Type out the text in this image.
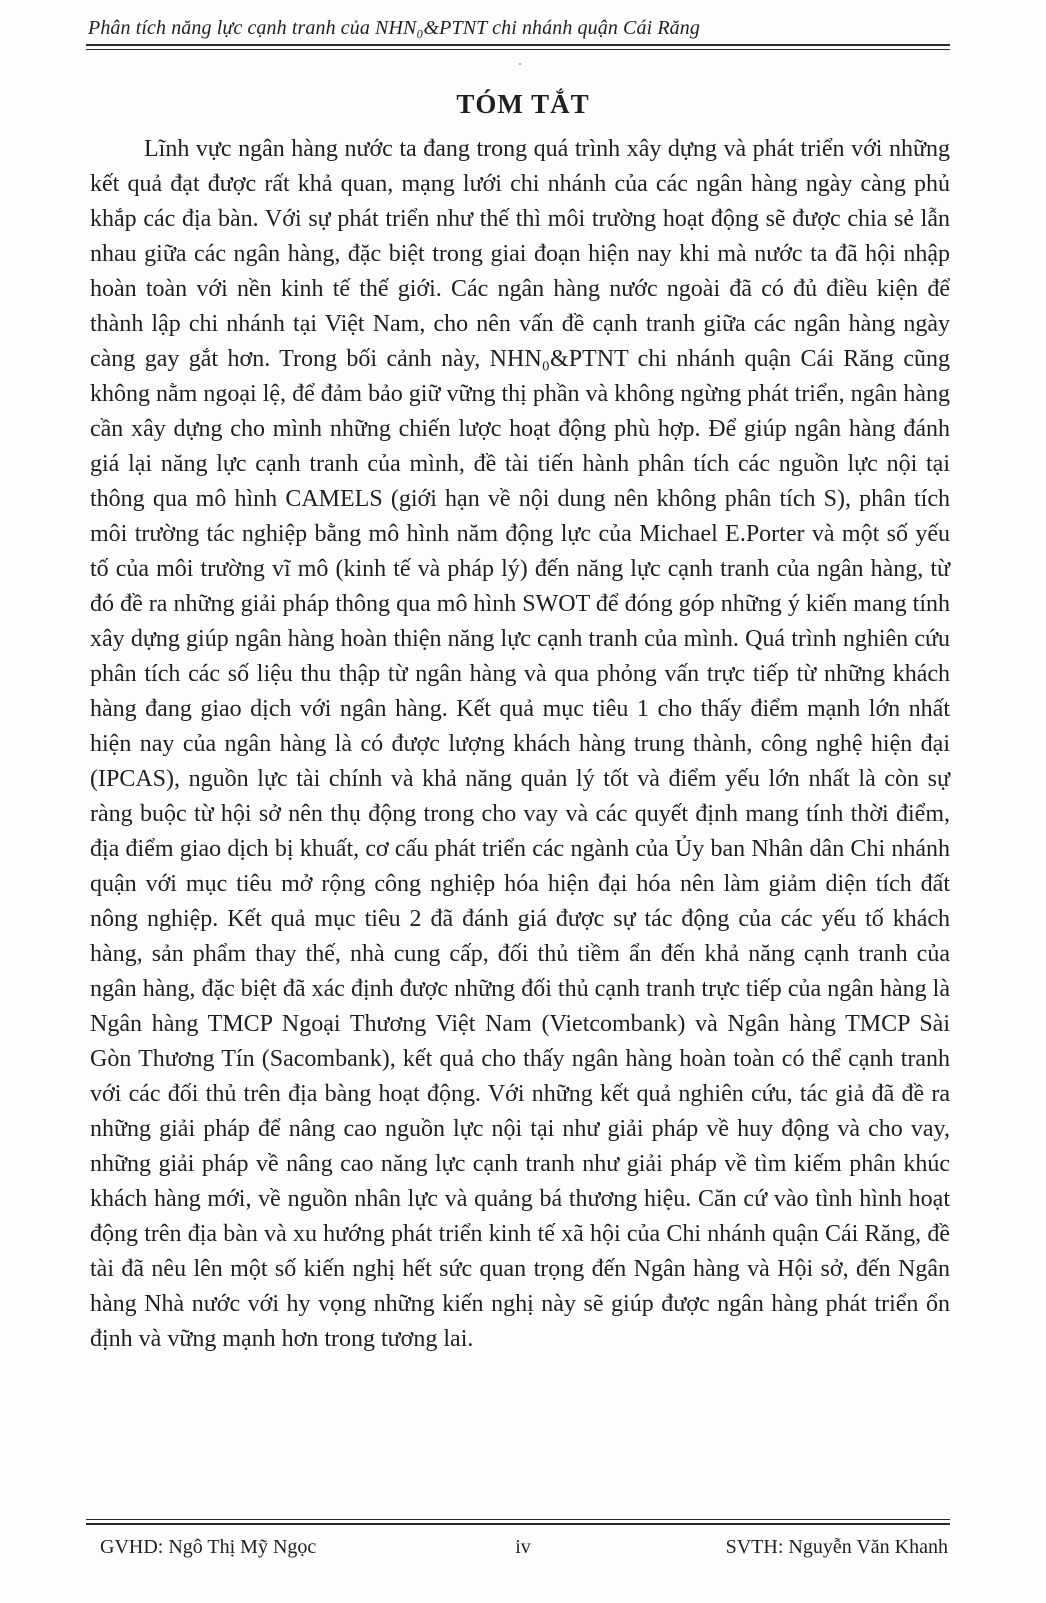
Phân tích năng lực cạnh tranh của NHN₀&PTNT chi nhánh quận Cái Răng
TÓM TẮT

Lĩnh vực ngân hàng nước ta đang trong quá trình xây dựng và phát triển với những kết quả đạt được rất khả quan, mạng lưới chi nhánh của các ngân hàng ngày càng phủ khắp các địa bàn. Với sự phát triển như thế thì môi trường hoạt động sẽ được chia sẻ lẫn nhau giữa các ngân hàng, đặc biệt trong giai đoạn hiện nay khi mà nước ta đã hội nhập hoàn toàn với nền kinh tế thế giới. Các ngân hàng nước ngoài đã có đủ điều kiện để thành lập chi nhánh tại Việt Nam, cho nên vấn đề cạnh tranh giữa các ngân hàng ngày càng gay gắt hơn. Trong bối cảnh này, NHN₀&PTNT chi nhánh quận Cái Răng cũng không nằm ngoại lệ, để đảm bảo giữ vững thị phần và không ngừng phát triển, ngân hàng cần xây dựng cho mình những chiến lược hoạt động phù hợp. Để giúp ngân hàng đánh giá lại năng lực cạnh tranh của mình, đề tài tiến hành phân tích các nguồn lực nội tại thông qua mô hình CAMELS (giới hạn về nội dung nên không phân tích S), phân tích môi trường tác nghiệp bằng mô hình năm động lực của Michael E.Porter và một số yếu tố của môi trường vĩ mô (kinh tế và pháp lý) đến năng lực cạnh tranh của ngân hàng, từ đó đề ra những giải pháp thông qua mô hình SWOT để đóng góp những ý kiến mang tính xây dựng giúp ngân hàng hoàn thiện năng lực cạnh tranh của mình. Quá trình nghiên cứu phân tích các số liệu thu thập từ ngân hàng và qua phỏng vấn trực tiếp từ những khách hàng đang giao dịch với ngân hàng. Kết quả mục tiêu 1 cho thấy điểm mạnh lớn nhất hiện nay của ngân hàng là có được lượng khách hàng trung thành, công nghệ hiện đại (IPCAS), nguồn lực tài chính và khả năng quản lý tốt và điểm yếu lớn nhất là còn sự ràng buộc từ hội sở nên thụ động trong cho vay và các quyết định mang tính thời điểm, địa điểm giao dịch bị khuất, cơ cấu phát triển các ngành của Ủy ban Nhân dân Chi nhánh quận với mục tiêu mở rộng công nghiệp hóa hiện đại hóa nên làm giảm diện tích đất nông nghiệp. Kết quả mục tiêu 2 đã đánh giá được sự tác động của các yếu tố khách hàng, sản phẩm thay thế, nhà cung cấp, đối thủ tiềm ẩn đến khả năng cạnh tranh của ngân hàng, đặc biệt đã xác định được những đối thủ cạnh tranh trực tiếp của ngân hàng là Ngân hàng TMCP Ngoại Thương Việt Nam (Vietcombank) và Ngân hàng TMCP Sài Gòn Thương Tín (Sacombank), kết quả cho thấy ngân hàng hoàn toàn có thể cạnh tranh với các đối thủ trên địa bàng hoạt động. Với những kết quả nghiên cứu, tác giả đã đề ra những giải pháp để nâng cao nguồn lực nội tại như giải pháp về huy động và cho vay, những giải pháp về nâng cao năng lực cạnh tranh như giải pháp về tìm kiếm phân khúc khách hàng mới, về nguồn nhân lực và quảng bá thương hiệu. Căn cứ vào tình hình hoạt động trên địa bàn và xu hướng phát triển kinh tế xã hội của Chi nhánh quận Cái Răng, đề tài đã nêu lên một số kiến nghị hết sức quan trọng đến Ngân hàng và Hội sở, đến Ngân hàng Nhà nước với hy vọng những kiến nghị này sẽ giúp được ngân hàng phát triển ổn định và vững mạnh hơn trong tương lai.

GVHD: Ngô Thị Mỹ Ngọc	iv	SVTH: Nguyễn Văn Khanh
